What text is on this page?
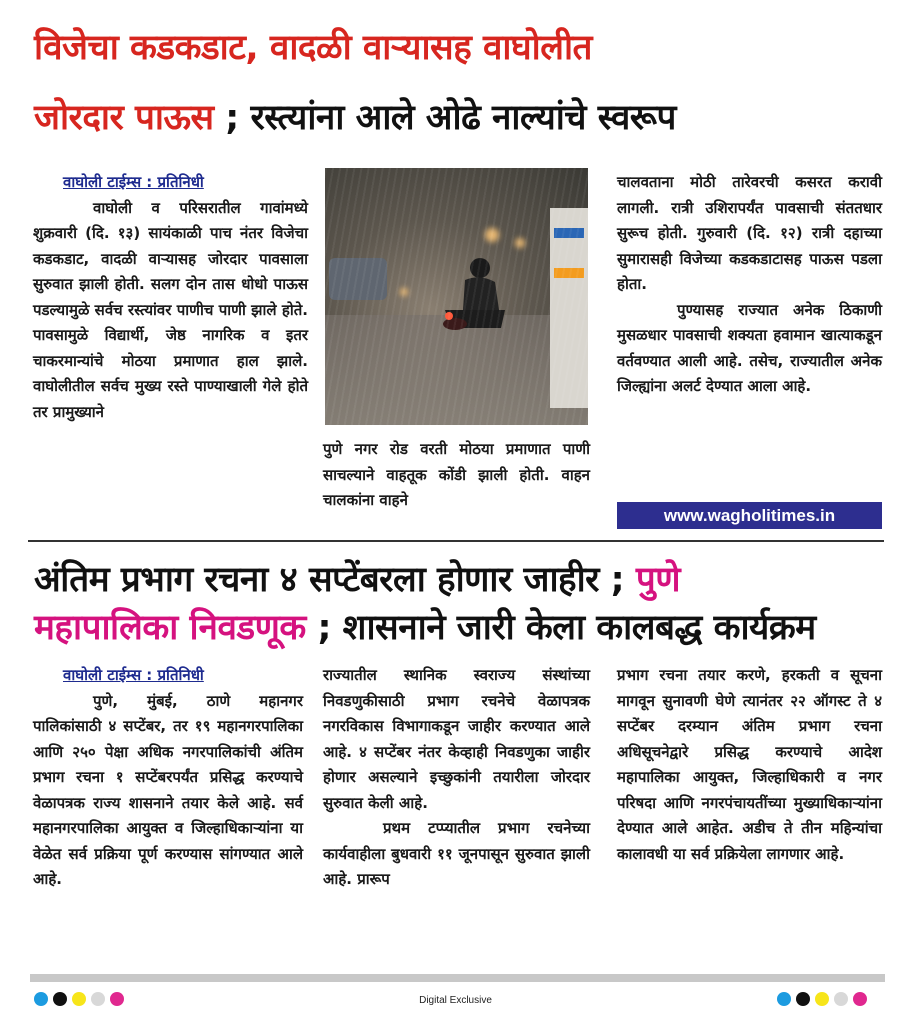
विजेचा कडकडाट, वादळी वाऱ्यासह वाघोलीत
जोरदार पाऊस ; रस्त्यांना आले ओढे नाल्यांचे स्वरूप
वाघोली टाईम्स : प्रतिनिधी
वाघोली व परिसरातील गावांमध्ये शुक्रवारी (दि. १३) सायंकाळी पाच नंतर विजेचा कडकडाट, वादळी वाऱ्यासह जोरदार पावसाला सुरुवात झाली होती. सलग दोन तास धोधो पाऊस पडल्यामुळे सर्वच रस्त्यांवर पाणीच पाणी झाले होते. पावसामुळे विद्यार्थी, जेष्ठ नागरिक व इतर चाकरमान्यांचे मोठया प्रमाणात हाल झाले. वाघोलीतील सर्वच मुख्य रस्ते पाण्याखाली गेले होते तर प्रामुख्याने
पुणे नगर रोड वरती मोठया प्रमाणात पाणी साचल्याने वाहतूक कोंडी झाली होती. वाहन चालकांना वाहने
चालवताना मोठी तारेवरची कसरत करावी लागली. रात्री उशिरापर्यंत पावसाची संततधार सुरूच होती. गुरुवारी (दि. १२) रात्री दहाच्या सुमारासही विजेच्या कडकडाटासह पाऊस पडला होता.
पुण्यासह राज्यात अनेक ठिकाणी मुसळधार पावसाची शक्यता हवामान खात्याकडून वर्तवण्यात आली आहे. तसेच, राज्यातील अनेक जिल्ह्यांना अलर्ट देण्यात आला आहे.
www.wagholitimes.in
अंतिम प्रभाग रचना ४ सप्टेंबरला होणार जाहीर ; पुणे
महापालिका निवडणूक ; शासनाने जारी केला कालबद्ध कार्यक्रम
वाघोली टाईम्स : प्रतिनिधी
पुणे, मुंबई, ठाणे महानगर पालिकांसाठी ४ सप्टेंबर, तर १९ महानगरपालिका आणि २५० पेक्षा अधिक नगरपालिकांची अंतिम प्रभाग रचना १ सप्टेंबरपर्यंत प्रसिद्ध करण्याचे वेळापत्रक राज्य शासनाने तयार केले आहे. सर्व महानगरपालिका आयुक्त व जिल्हाधिकाऱ्यांना या वेळेत सर्व प्रक्रिया पूर्ण करण्यास सांगण्यात आले आहे.
राज्यातील स्थानिक स्वराज्य संस्थांच्या निवडणुकीसाठी प्रभाग रचनेचे वेळापत्रक नगरविकास विभागाकडून जाहीर करण्यात आले आहे. ४ सप्टेंबर नंतर केव्हाही निवडणुका जाहीर होणार असल्याने इच्छुकांनी तयारीला जोरदार सुरुवात केली आहे.
प्रथम टप्प्यातील प्रभाग रचनेच्या कार्यवाहीला बुधवारी ११ जूनपासून सुरुवात झाली आहे. प्रारूप
प्रभाग रचना तयार करणे, हरकती व सूचना मागवून सुनावणी घेणे त्यानंतर २२ ऑगस्ट ते ४ सप्टेंबर दरम्यान अंतिम प्रभाग रचना अधिसूचनेद्वारे प्रसिद्ध करण्याचे आदेश महापालिका आयुक्त, जिल्हाधिकारी व नगर परिषदा आणि नगरपंचायतींच्या मुख्याधिकाऱ्यांना देण्यात आले आहेत. अडीच ते तीन महिन्यांचा कालावधी या सर्व प्रक्रियेला लागणार आहे.
Digital Exclusive
